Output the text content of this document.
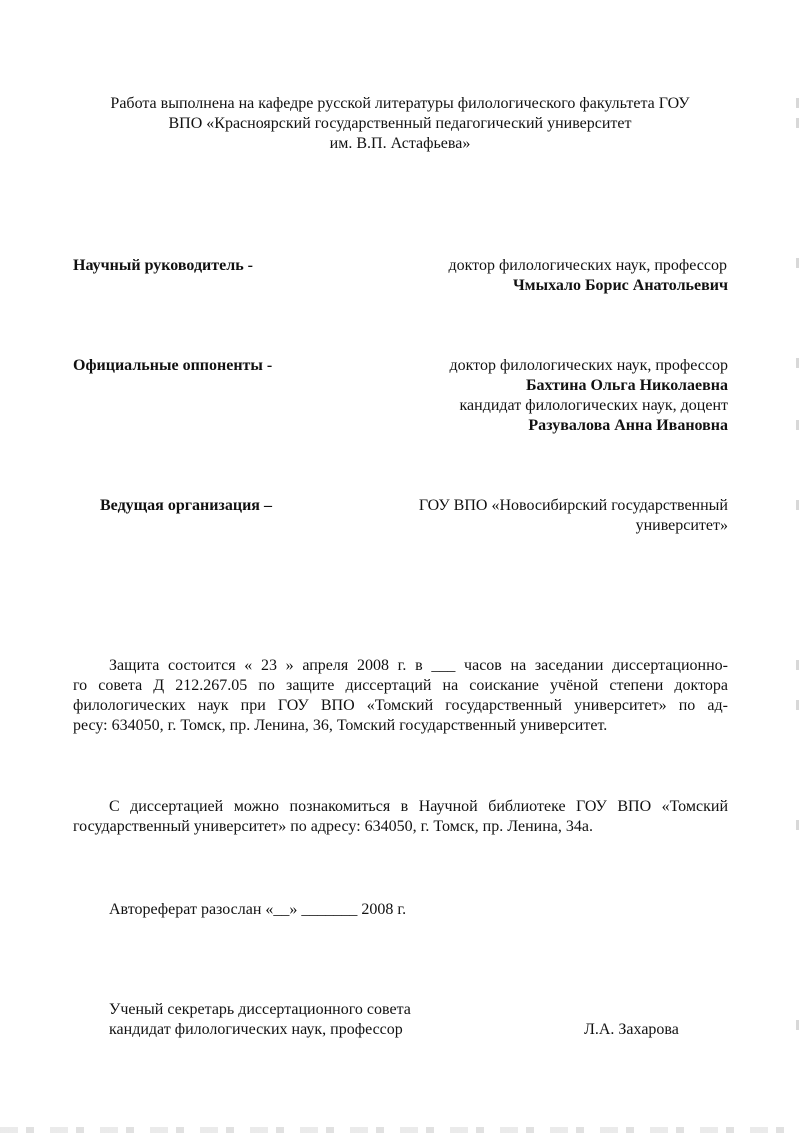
Работа выполнена на кафедре русской литературы филологического факультета ГОУ
ВПО «Красноярский государственный педагогический университет
им. В.П. Астафьева»
Научный руководитель -	доктор филологических наук, профессор
Чмыхало Борис Анатольевич
Официальные оппоненты -	доктор филологических наук, профессор
Бахтина Ольга Николаевна
кандидат филологических наук, доцент
Разувалова Анна Ивановна
Ведущая организация –	ГОУ ВПО «Новосибирский государственный
университет»
Защита состоится « 23 » апреля 2008 г. в ___ часов на заседании диссертационно-
го совета Д 212.267.05 по защите диссертаций на соискание учёной степени доктора
филологических наук при ГОУ ВПО «Томский государственный университет» по ад-
ресу: 634050, г. Томск, пр. Ленина, 36, Томский государственный университет.
С диссертацией можно познакомиться в Научной библиотеке ГОУ ВПО «Томский
государственный университет» по адресу: 634050, г. Томск, пр. Ленина, 34а.
Автореферат разослан «__» _______ 2008 г.
Ученый секретарь диссертационного совета
кандидат филологических наук, профессор	Л.А. Захарова
